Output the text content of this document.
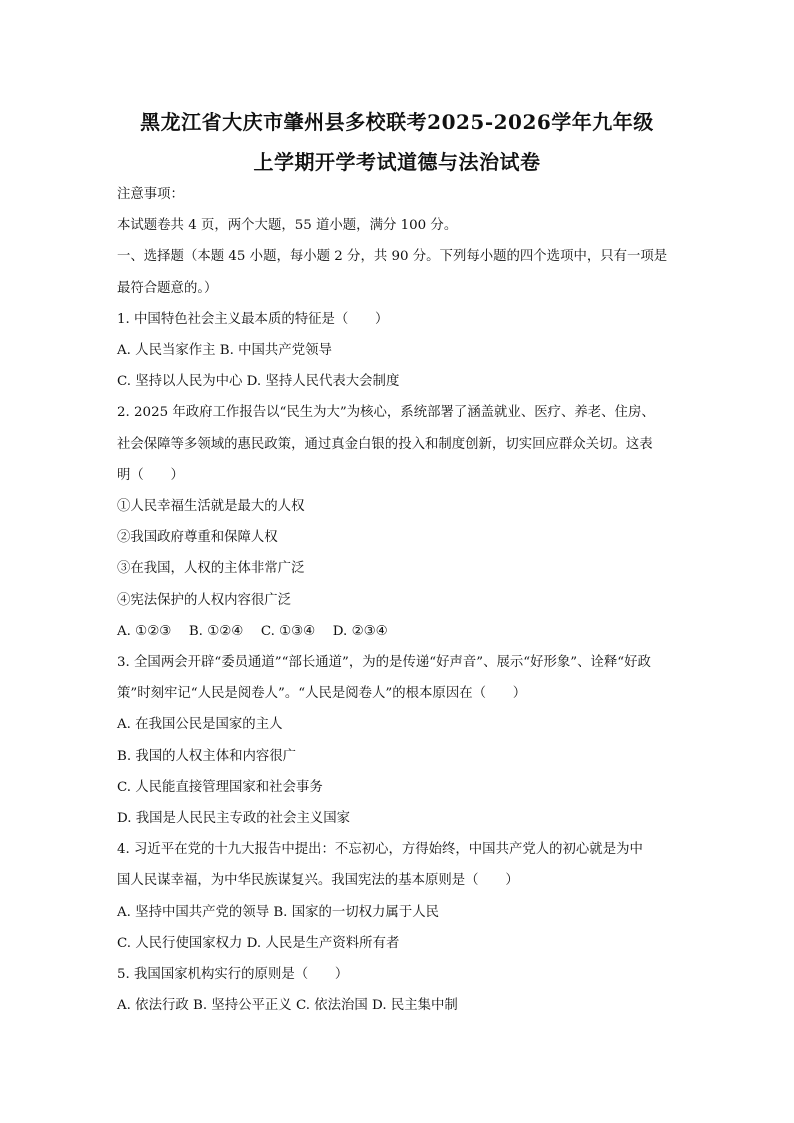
黑龙江省大庆市肇州县多校联考2025-2026学年九年级
上学期开学考试道德与法治试卷
注意事项：
本试题卷共 4 页，两个大题，55 道小题，满分 100 分。
一、选择题（本题 45 小题，每小题 2 分，共 90 分。下列每小题的四个选项中，只有一项是
最符合题意的。）
1. 中国特色社会主义最本质的特征是（　　）
A. 人民当家作主 B. 中国共产党领导
C. 坚持以人民为中心 D. 坚持人民代表大会制度
2. 2025 年政府工作报告以“民生为大”为核心，系统部署了涵盖就业、医疗、养老、住房、
社会保障等多领域的惠民政策，通过真金白银的投入和制度创新，切实回应群众关切。这表
明（　　）
①人民幸福生活就是最大的人权
②我国政府尊重和保障人权
③在我国，人权的主体非常广泛
④宪法保护的人权内容很广泛
A. ①②③　 B. ①②④　 C. ①③④　 D. ②③④
3. 全国两会开辟“委员通道”“部长通道”，为的是传递“好声音”、展示“好形象”、诠释“好政
策”时刻牢记“人民是阅卷人”。“人民是阅卷人”的根本原因在（　　）
A. 在我国公民是国家的主人
B. 我国的人权主体和内容很广
C. 人民能直接管理国家和社会事务
D. 我国是人民民主专政的社会主义国家
4. 习近平在党的十九大报告中提出：不忘初心，方得始终，中国共产党人的初心就是为中
国人民谋幸福，为中华民族谋复兴。我国宪法的基本原则是（　　）
A. 坚持中国共产党的领导 B. 国家的一切权力属于人民
C. 人民行使国家权力 D. 人民是生产资料所有者
5. 我国国家机构实行的原则是（　　）
A. 依法行政 B. 坚持公平正义 C. 依法治国 D. 民主集中制
